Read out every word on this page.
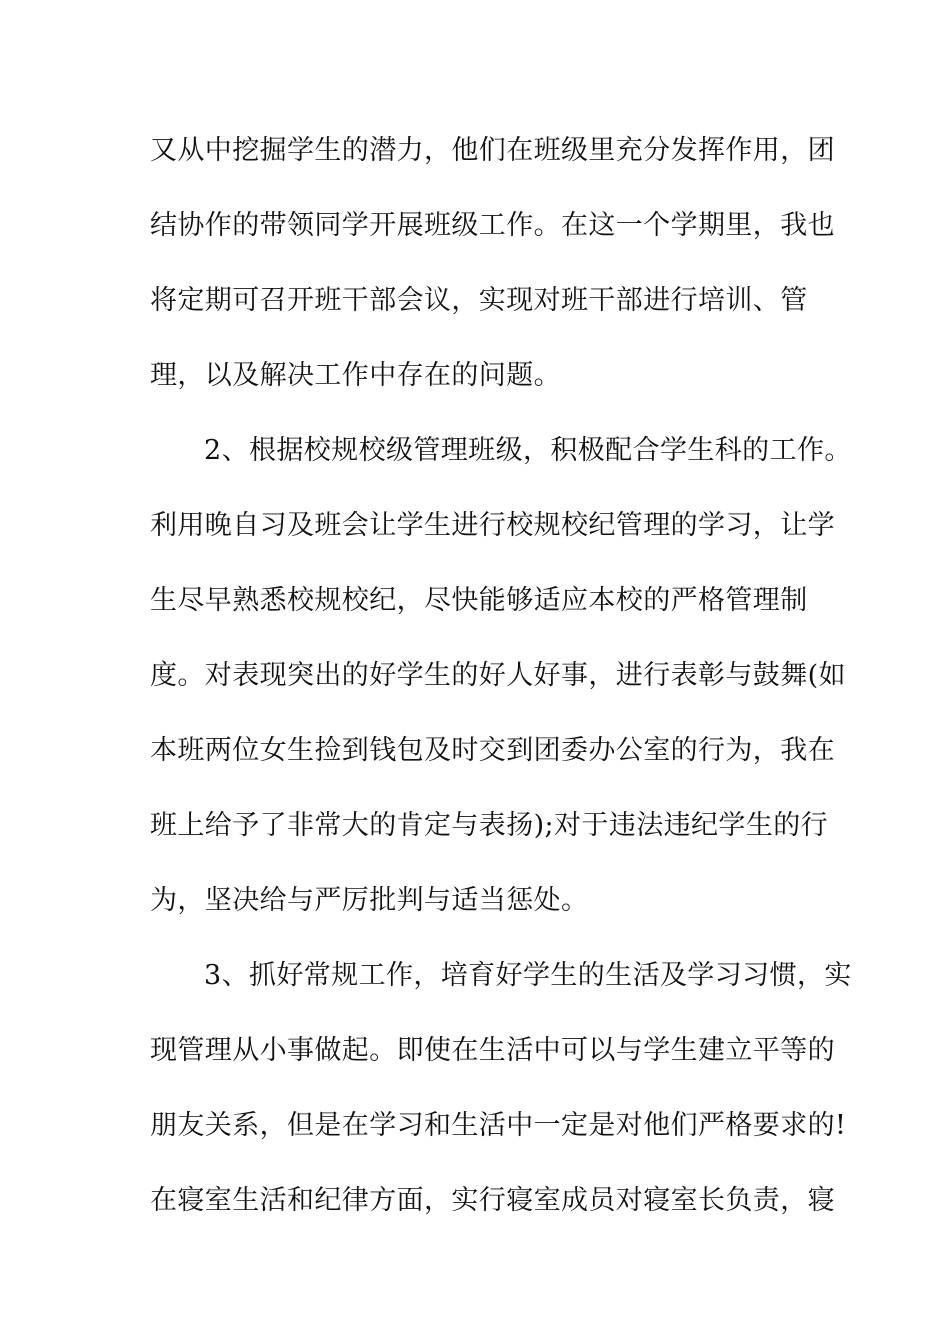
又从中挖掘学生的潜力，他们在班级里充分发挥作用，团
结协作的带领同学开展班级工作。在这一个学期里，我也
将定期可召开班干部会议，实现对班干部进行培训、管
理，以及解决工作中存在的问题。
2、根据校规校级管理班级，积极配合学生科的工作。
利用晚自习及班会让学生进行校规校纪管理的学习，让学
生尽早熟悉校规校纪，尽快能够适应本校的严格管理制
度。对表现突出的好学生的好人好事，进行表彰与鼓舞(如
本班两位女生捡到钱包及时交到团委办公室的行为，我在
班上给予了非常大的肯定与表扬);对于违法违纪学生的行
为，坚决给与严厉批判与适当惩处。
3、抓好常规工作，培育好学生的生活及学习习惯，实
现管理从小事做起。即使在生活中可以与学生建立平等的
朋友关系，但是在学习和生活中一定是对他们严格要求的!
在寝室生活和纪律方面，实行寝室成员对寝室长负责，寝
